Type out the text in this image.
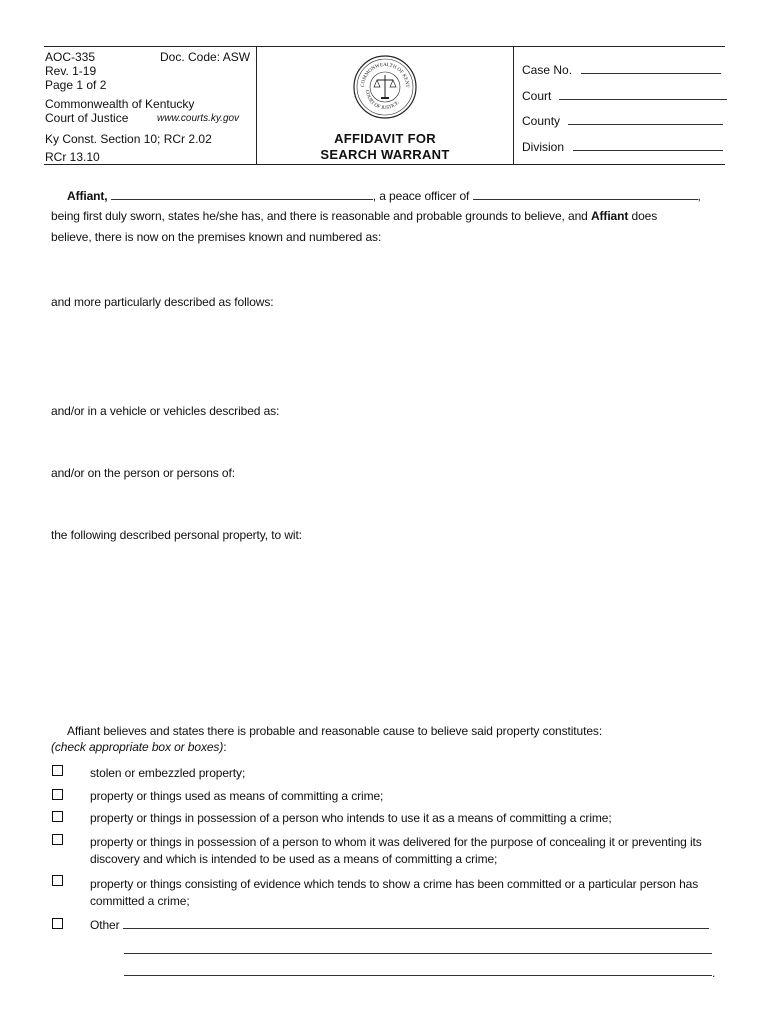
AOC-335	Doc. Code: ASW
Rev. 1-19
Page 1 of 2
Commonwealth of Kentucky
Court of Justice	www.courts.ky.gov
Ky Const. Section 10; RCr 2.02
RCr 13.10
COMMONWEALTH OF KENT
COURT OF JUSTICE
AFFIDAVIT FOR
SEARCH WARRANT
Case No.
Court
County
Division
Affiant,	, a peace officer of	,
being first duly sworn, states he/she has, and there is reasonable and probable grounds to believe, and Affiant does
believe, there is now on the premises known and numbered as:
and more particularly described as follows:
and/or in a vehicle or vehicles described as:
and/or on the person or persons of:
the following described personal property, to wit:
Affiant believes and states there is probable and reasonable cause to believe said property constitutes:
(check appropriate box or boxes):
stolen or embezzled property;
property or things used as means of committing a crime;
property or things in possession of a person who intends to use it as a means of committing a crime;
property or things in possession of a person to whom it was delivered for the purpose of concealing it or preventing its discovery and which is intended to be used as a means of committing a crime;
property or things consisting of evidence which tends to show a crime has been committed or a particular person has committed a crime;
Other
.
